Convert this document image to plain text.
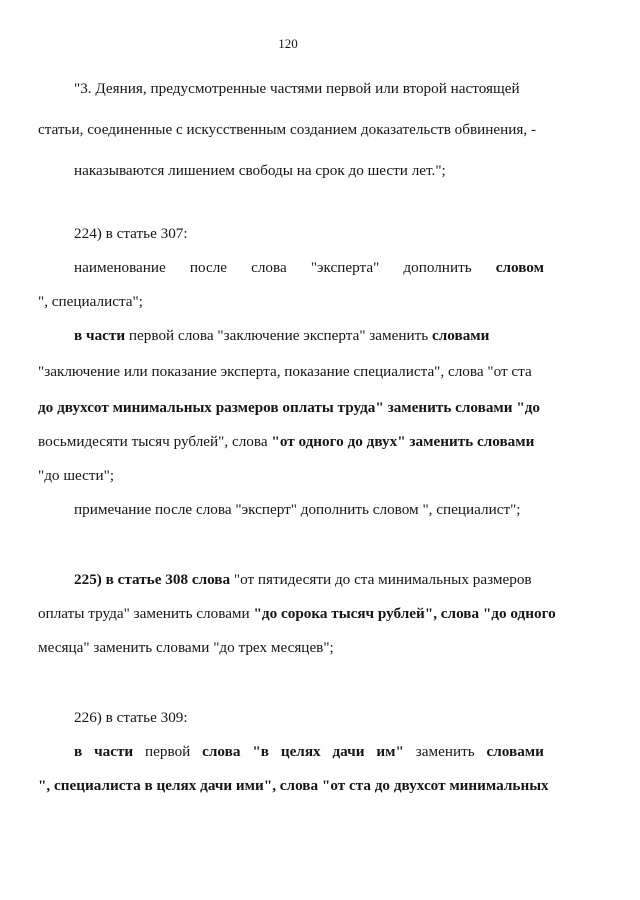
120
"3. Деяния, предусмотренные частями первой или второй настоящей
статьи, соединенные с искусственным созданием доказательств обвинения, -
наказываются лишением свободы на срок до шести лет.";
224) в статье 307:
наименование после слова "эксперта" дополнить словом
", специалиста";
в части первой слова "заключение эксперта" заменить словами
"заключение или показание эксперта, показание специалиста", слова "от ста
до двухсот минимальных размеров оплаты труда" заменить словами "до
восьмидесяти тысяч рублей", слова "от одного до двух" заменить словами
"до шести";
примечание после слова "эксперт" дополнить словом ", специалист";
225) в статье 308 слова "от пятидесяти до ста минимальных размеров
оплаты труда" заменить словами "до сорока тысяч рублей", слова "до одного
месяца" заменить словами "до трех месяцев";
226) в статье 309:
в части первой слова "в целях дачи им" заменить словами
", специалиста в целях дачи ими", слова "от ста до двухсот минимальных
